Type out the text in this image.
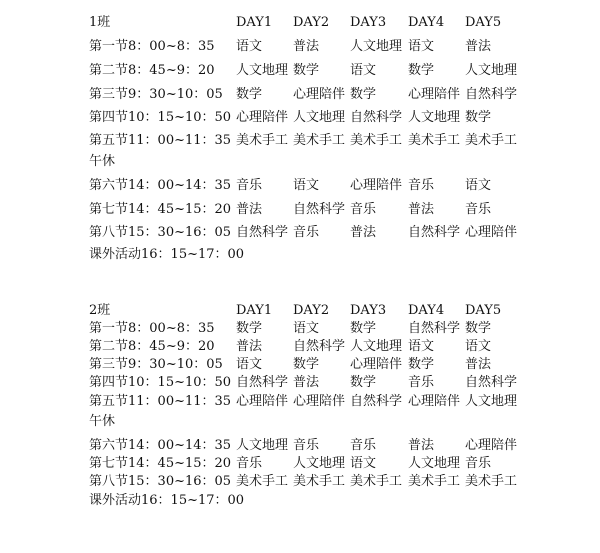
1班	DAY1 DAY2 DAY3 DAY4 DAY5
第一节8：00~8：35 语文 普法 人文地理 语文 普法
第二节8：45~9：20 人文地理 数学 语文 数学 人文地理
第三节9：30~10：05 数学 心理陪伴 数学 心理陪伴 自然科学
第四节10：15~10：50 心理陪伴 人文地理 自然科学 人文地理 数学
第五节11：00~11：35 美术手工 美术手工 美术手工 美术手工 美术手工
午休
第六节14：00~14：35 音乐 语文 心理陪伴 音乐 语文
第七节14：45~15：20 普法 自然科学 音乐 普法 音乐
第八节15：30~16：05 自然科学 音乐 普法 自然科学 心理陪伴
课外活动16：15~17：00
2班	DAY1 DAY2 DAY3 DAY4 DAY5
第一节8：00~8：35 数学 语文 数学 自然科学 数学
第二节8：45~9：20 普法 自然科学 人文地理 语文 语文
第三节9：30~10：05 语文 数学 心理陪伴 数学 普法
第四节10：15~10：50 自然科学 普法 数学 音乐 自然科学
第五节11：00~11：35 心理陪伴 心理陪伴 自然科学 心理陪伴 人文地理
午休
第六节14：00~14：35 人文地理 音乐 音乐 普法 心理陪伴
第七节14：45~15：20 音乐 人文地理 语文 人文地理 音乐
第八节15：30~16：05 美术手工 美术手工 美术手工 美术手工 美术手工
课外活动16：15~17：00
